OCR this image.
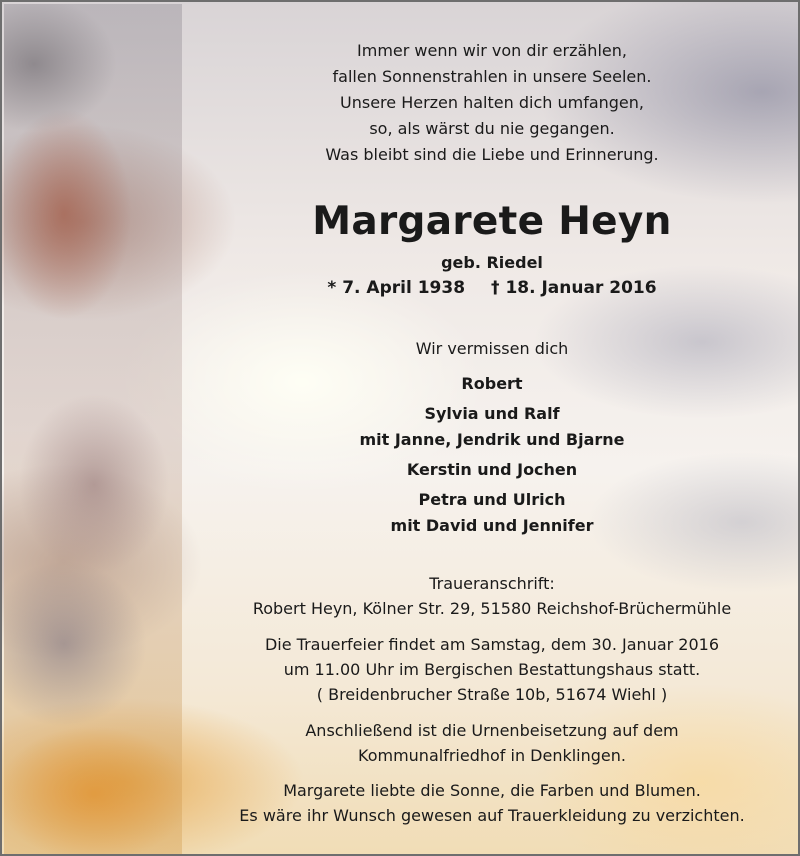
Immer wenn wir von dir erzählen,
fallen Sonnenstrahlen in unsere Seelen.
Unsere Herzen halten dich umfangen,
so, als wärst du nie gegangen.
Was bleibt sind die Liebe und Erinnerung.
Margarete Heyn
geb. Riedel
* 7. April 1938 † 18. Januar 2016
Wir vermissen dich
Robert
Sylvia und Ralf
mit Janne, Jendrik und Bjarne
Kerstin und Jochen
Petra und Ulrich
mit David und Jennifer
Traueranschrift:
Robert Heyn, Kölner Str. 29, 51580 Reichshof-Brüchermühle
Die Trauerfeier findet am Samstag, dem 30. Januar 2016
um 11.00 Uhr im Bergischen Bestattungshaus statt.
( Breidenbrucher Straße 10b, 51674 Wiehl )
Anschließend ist die Urnenbeisetzung auf dem
Kommunalfriedhof in Denklingen.
Margarete liebte die Sonne, die Farben und Blumen.
Es wäre ihr Wunsch gewesen auf Trauerkleidung zu verzichten.
